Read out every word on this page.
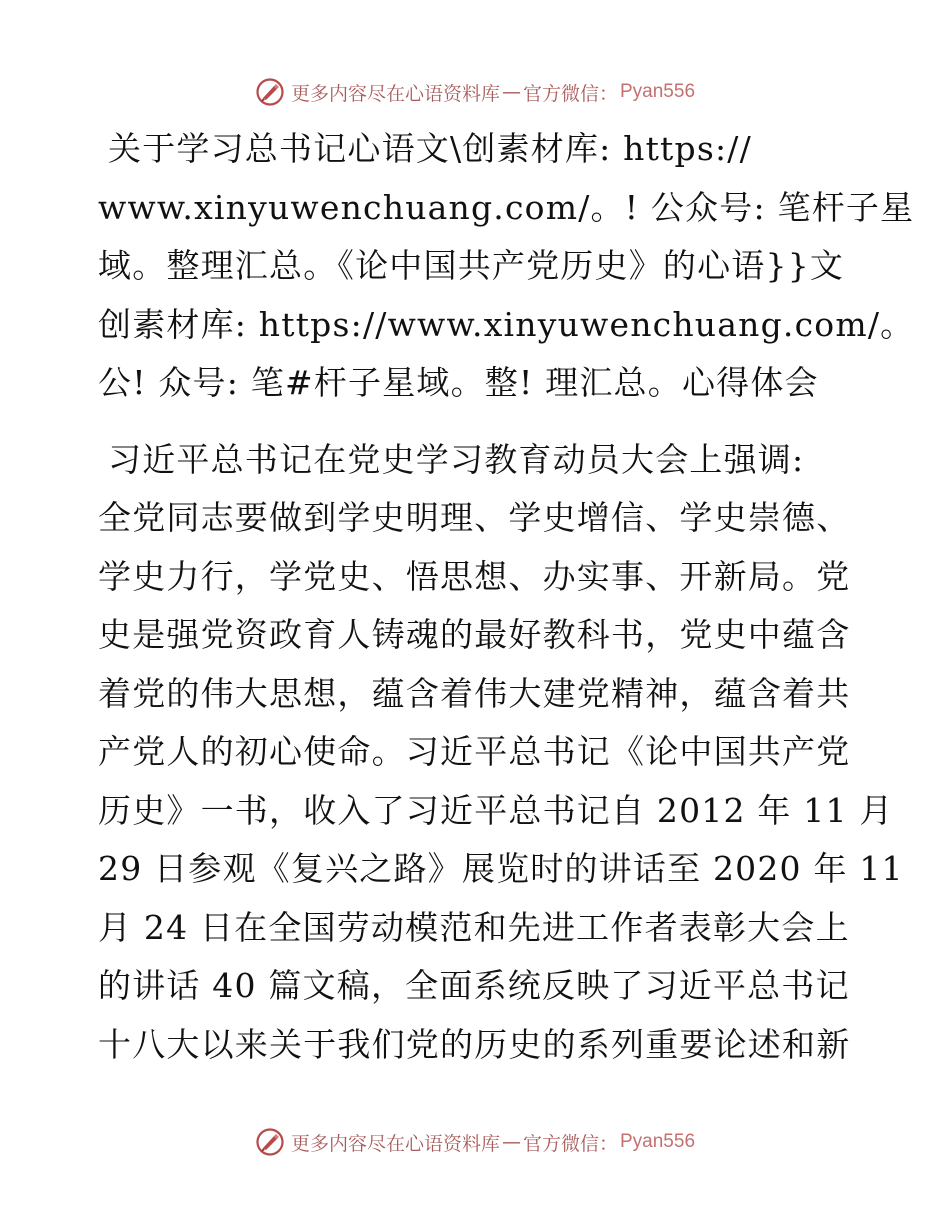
更多内容尽在心语资料库 — 官方微信： Pyan556
关于学习总书记心语文\创素材库: https://
www.xinyuwenchuang.com/。! 公众号: 笔杆子星
域。整理汇总。《论中国共产党历史》的心语}}文
创素材库: https://www.xinyuwenchuang.com/。
公! 众号: 笔#杆子星域。整! 理汇总。心得体会
习近平总书记在党史学习教育动员大会上强调:
全党同志要做到学史明理、学史增信、学史崇德、
学史力行，学党史、悟思想、办实事、开新局。党
史是强党资政育人铸魂的最好教科书，党史中蕴含
着党的伟大思想，蕴含着伟大建党精神，蕴含着共
产党人的初心使命。习近平总书记《论中国共产党
历史》一书，收入了习近平总书记自 2012 年 11 月
29 日参观《复兴之路》展览时的讲话至 2020 年 11
月 24 日在全国劳动模范和先进工作者表彰大会上
的讲话 40 篇文稿，全面系统反映了习近平总书记
十八大以来关于我们党的历史的系列重要论述和新
更多内容尽在心语资料库 — 官方微信： Pyan556
